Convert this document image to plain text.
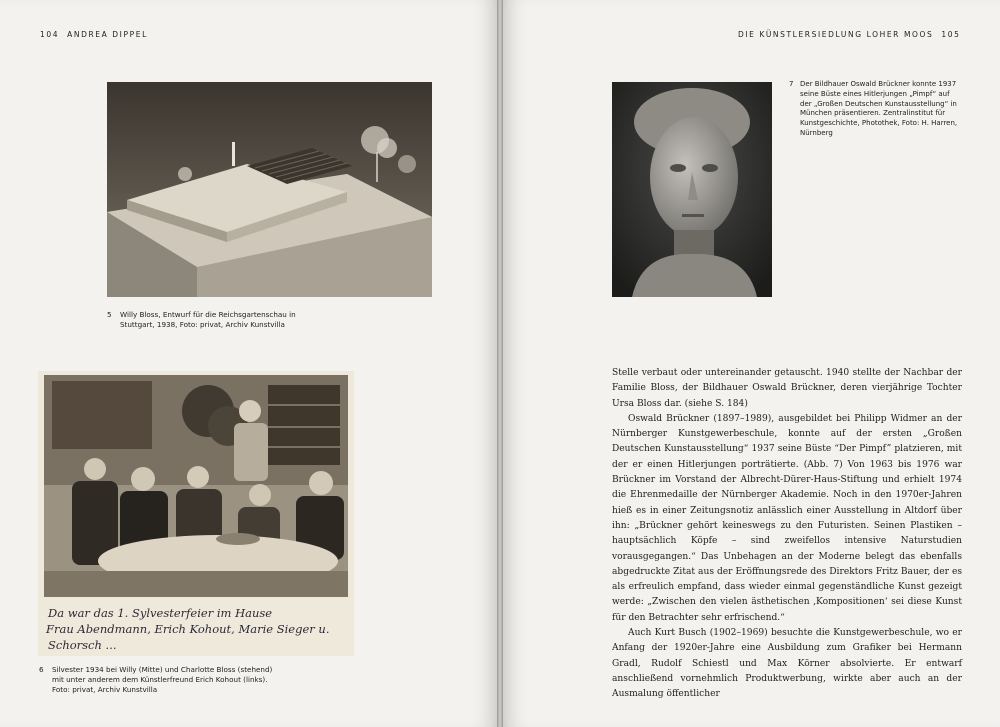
104 ANDREA DIPPEL
5 Willy Bloss, Entwurf für die Reichsgartenschau in Stuttgart, 1938, Foto: privat, Archiv Kunstvilla
Da war das 1. Sylvesterfeier im Hause
Frau Abendmann, Erich Kohout, Marie Sieger u.
Schorsch ...
6 Silvester 1934 bei Willy (Mitte) und Charlotte Bloss (stehend) mit unter anderem dem Künstlerfreund Erich Kohout (links). Foto: privat, Archiv Kunstvilla
DIE KÜNSTLERSIEDLUNG LOHER MOOS 105
7 Der Bildhauer Oswald Brückner konnte 1937 seine Büste eines Hitlerjungen „Pimpf“ auf der „Großen Deutschen Kunstausstellung“ in München präsentieren. Zentralinstitut für Kunstgeschichte, Photothek, Foto: H. Harren, Nürnberg

Stelle verbaut oder untereinander getauscht. 1940 stellte der Nachbar der Familie Bloss, der Bildhauer Oswald Brückner, deren vierjährige Tochter Ursa Bloss dar. (siehe S. 184)

Oswald Brückner (1897–1989), ausgebildet bei Philipp Widmer an der Nürnberger Kunstgewerbeschule, konnte auf der ersten „Großen Deutschen Kunstausstellung“ 1937 seine Büste “Der Pimpf” platzieren, mit der er einen Hitlerjungen porträtierte. (Abb. 7) Von 1963 bis 1976 war Brückner im Vorstand der Albrecht-Dürer-Haus-Stiftung und erhielt 1974 die Ehrenmedaille der Nürnberger Akademie. Noch in den 1970er-Jahren hieß es in einer Zeitungsnotiz anlässlich einer Ausstellung in Altdorf über ihn: „Brückner gehört keineswegs zu den Futuristen. Seinen Plastiken – hauptsächlich Köpfe – sind zweifellos intensive Naturstudien vorausgegangen.“ Das Unbehagen an der Moderne belegt das ebenfalls abgedruckte Zitat aus der Eröffnungsrede des Direktors Fritz Bauer, der es als erfreulich empfand, dass wieder einmal gegenständliche Kunst gezeigt werde: „Zwischen den vielen ästhetischen ‚Kompositionen‘ sei diese Kunst für den Betrachter sehr erfrischend.“

Auch Kurt Busch (1902–1969) besuchte die Kunstgewerbeschule, wo er Anfang der 1920er-Jahre eine Ausbildung zum Grafiker bei Hermann Gradl, Rudolf Schiestl und Max Körner absolvierte. Er entwarf anschließend vornehmlich Produktwerbung, wirkte aber auch an der Ausmalung öffentlicher
